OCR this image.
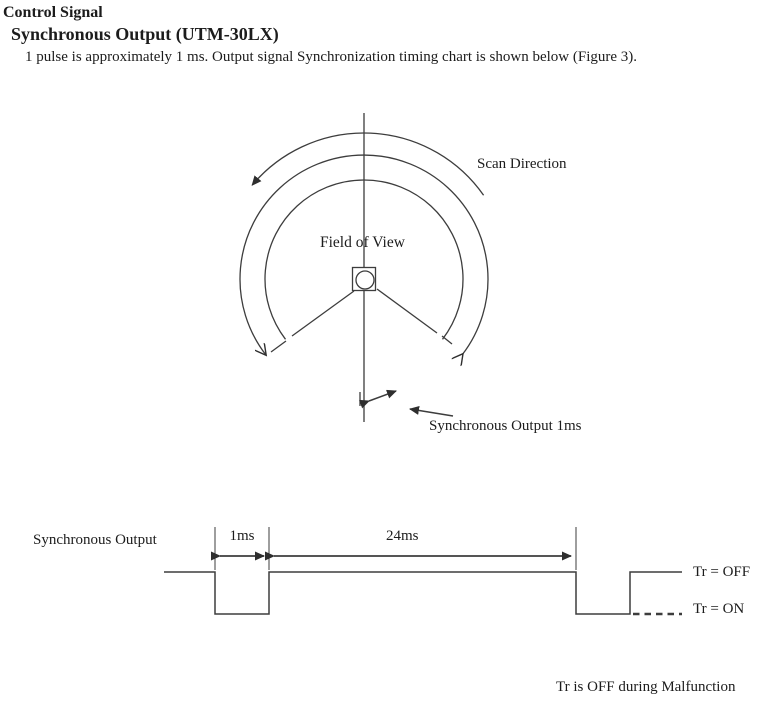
Control Signal
Synchronous Output (UTM-30LX)
1 pulse is approximately 1 ms. Output signal Synchronization timing chart is shown below (Figure 3).
Scan Direction
Field of View
Synchronous Output 1ms
Synchronous Output	1ms	24ms
Tr = OFF
Tr = ON
Tr is OFF during Malfunction
